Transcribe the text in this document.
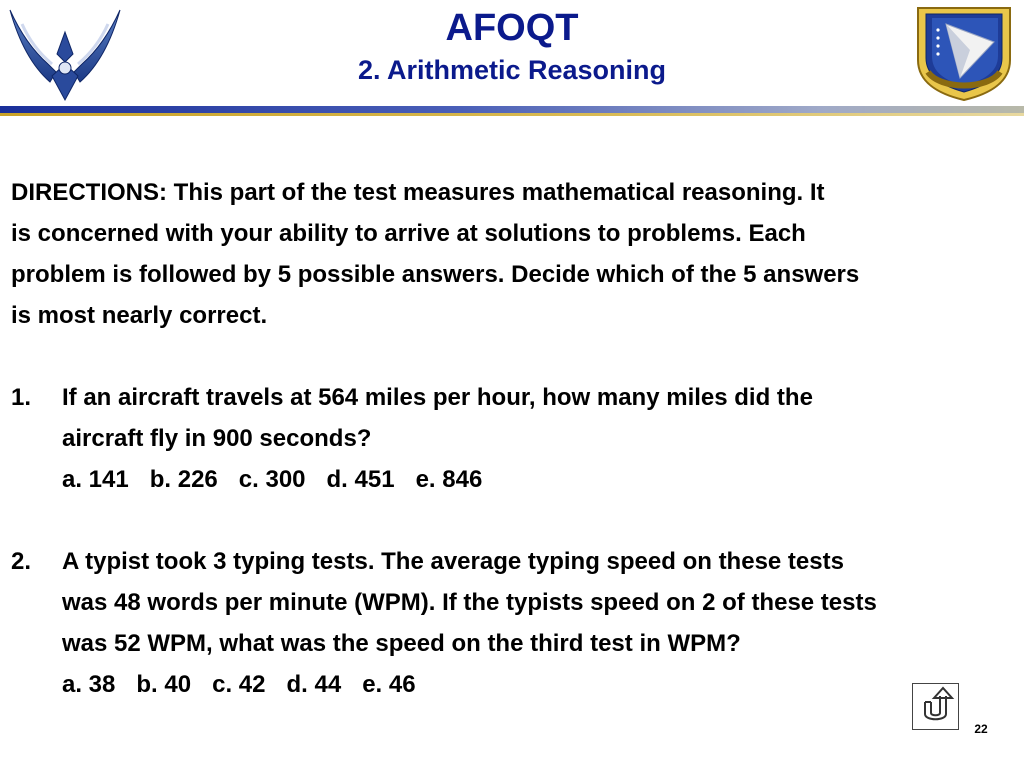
AFOQT
2. Arithmetic Reasoning
DIRECTIONS: This part of the test measures mathematical reasoning. It
is concerned with your ability to arrive at solutions to problems. Each
problem is followed by 5 possible answers. Decide which of the 5 answers
is most nearly correct.
1.	If an aircraft travels at 564 miles per hour, how many miles did the
aircraft fly in 900 seconds?
a. 141 b. 226 c. 300 d. 451 e. 846
2.	A typist took 3 typing tests. The average typing speed on these tests
was 48 words per minute (WPM). If the typists speed on 2 of these tests
was 52 WPM, what was the speed on the third test in WPM?
a. 38 b. 40 c. 42 d. 44 e. 46
22
